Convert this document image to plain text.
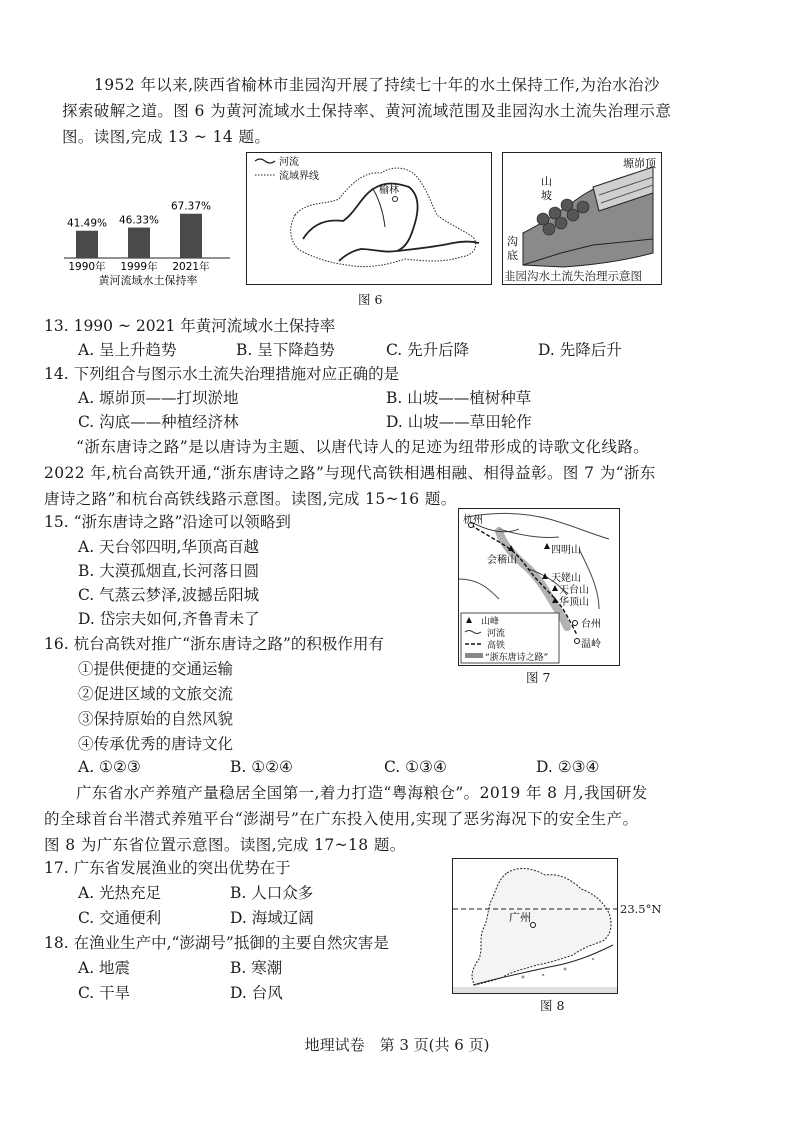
1952 年以来,陕西省榆林市韭园沟开展了持续七十年的水土保持工作,为治水治沙
探索破解之道。图 6 为黄河流域水土保持率、黄河流域范围及韭园沟水土流失治理示意
图。读图,完成 13 ~ 14 题。
41.49%
1990年
46.33%
1999年
67.37%
2021年
黄河流域水土保持率
河流
流域界线
榆林
塬峁顶
山坡
沟底
韭园沟水土流失治理示意图
图 6
13. 1990 ~ 2021 年黄河流域水土保持率
A. 呈上升趋势	B. 呈下降趋势	C. 先升后降	D. 先降后升
14. 下列组合与图示水土流失治理措施对应正确的是
A. 塬峁顶——打坝淤地	B. 山坡——植树种草
C. 沟底——种植经济林	D. 山坡——草田轮作
“浙东唐诗之路”是以唐诗为主题、以唐代诗人的足迹为纽带形成的诗歌文化线路。
2022 年,杭台高铁开通,“浙东唐诗之路”与现代高铁相遇相融、相得益彰。图 7 为“浙东
唐诗之路”和杭台高铁线路示意图。读图,完成 15~16 题。
15. “浙东唐诗之路”沿途可以领略到
A. 天台邻四明,华顶高百越
B. 大漠孤烟直,长河落日圆
C. 气蒸云梦泽,波撼岳阳城
D. 岱宗夫如何,齐鲁青未了
杭州
会稽山
四明山
天姥山
天台山
华顶山
台州
温岭
山峰
河流
高铁
“浙东唐诗之路”
图 7
16. 杭台高铁对推广“浙东唐诗之路”的积极作用有
①提供便捷的交通运输
②促进区域的文旅交流
③保持原始的自然风貌
④传承优秀的唐诗文化
A. ①②③	B. ①②④	C. ①③④	D. ②③④
广东省水产养殖产量稳居全国第一,着力打造“粤海粮仓”。2019 年 8 月,我国研发
的全球首台半潜式养殖平台“澎湖号”在广东投入使用,实现了恶劣海况下的安全生产。
图 8 为广东省位置示意图。读图,完成 17~18 题。
17. 广东省发展渔业的突出优势在于
A. 光热充足	B. 人口众多
C. 交通便利	D. 海域辽阔
18. 在渔业生产中,“澎湖号”抵御的主要自然灾害是
A. 地震	B. 寒潮
C. 干旱	D. 台风
广州
23.5°N
图 8
地理试卷　第 3 页(共 6 页)
